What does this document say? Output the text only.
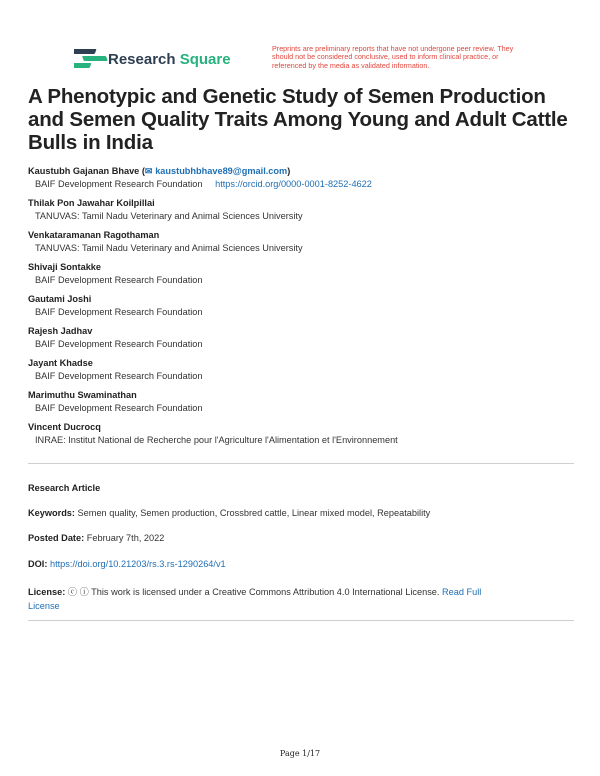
Research Square
Preprints are preliminary reports that have not undergone peer review. They should not be considered conclusive, used to inform clinical practice, or referenced by the media as validated information.
A Phenotypic and Genetic Study of Semen Production and Semen Quality Traits Among Young and Adult Cattle Bulls in India
Kaustubh Gajanan Bhave (✉ kaustubhbhave89@gmail.com)
BAIF Development Research Foundation https://orcid.org/0000-0001-8252-4622
Thilak Pon Jawahar Koilpillai
TANUVAS: Tamil Nadu Veterinary and Animal Sciences University
Venkataramanan Ragothaman
TANUVAS: Tamil Nadu Veterinary and Animal Sciences University
Shivaji Sontakke
BAIF Development Research Foundation
Gautami Joshi
BAIF Development Research Foundation
Rajesh Jadhav
BAIF Development Research Foundation
Jayant Khadse
BAIF Development Research Foundation
Marimuthu Swaminathan
BAIF Development Research Foundation
Vincent Ducrocq
INRAE: Institut National de Recherche pour l'Agriculture l'Alimentation et l'Environnement
Research Article
Keywords: Semen quality, Semen production, Crossbred cattle, Linear mixed model, Repeatability
Posted Date: February 7th, 2022
DOI: https://doi.org/10.21203/rs.3.rs-1290264/v1
License: ⓒ ⓘ This work is licensed under a Creative Commons Attribution 4.0 International License. Read Full
License
Page 1/17
